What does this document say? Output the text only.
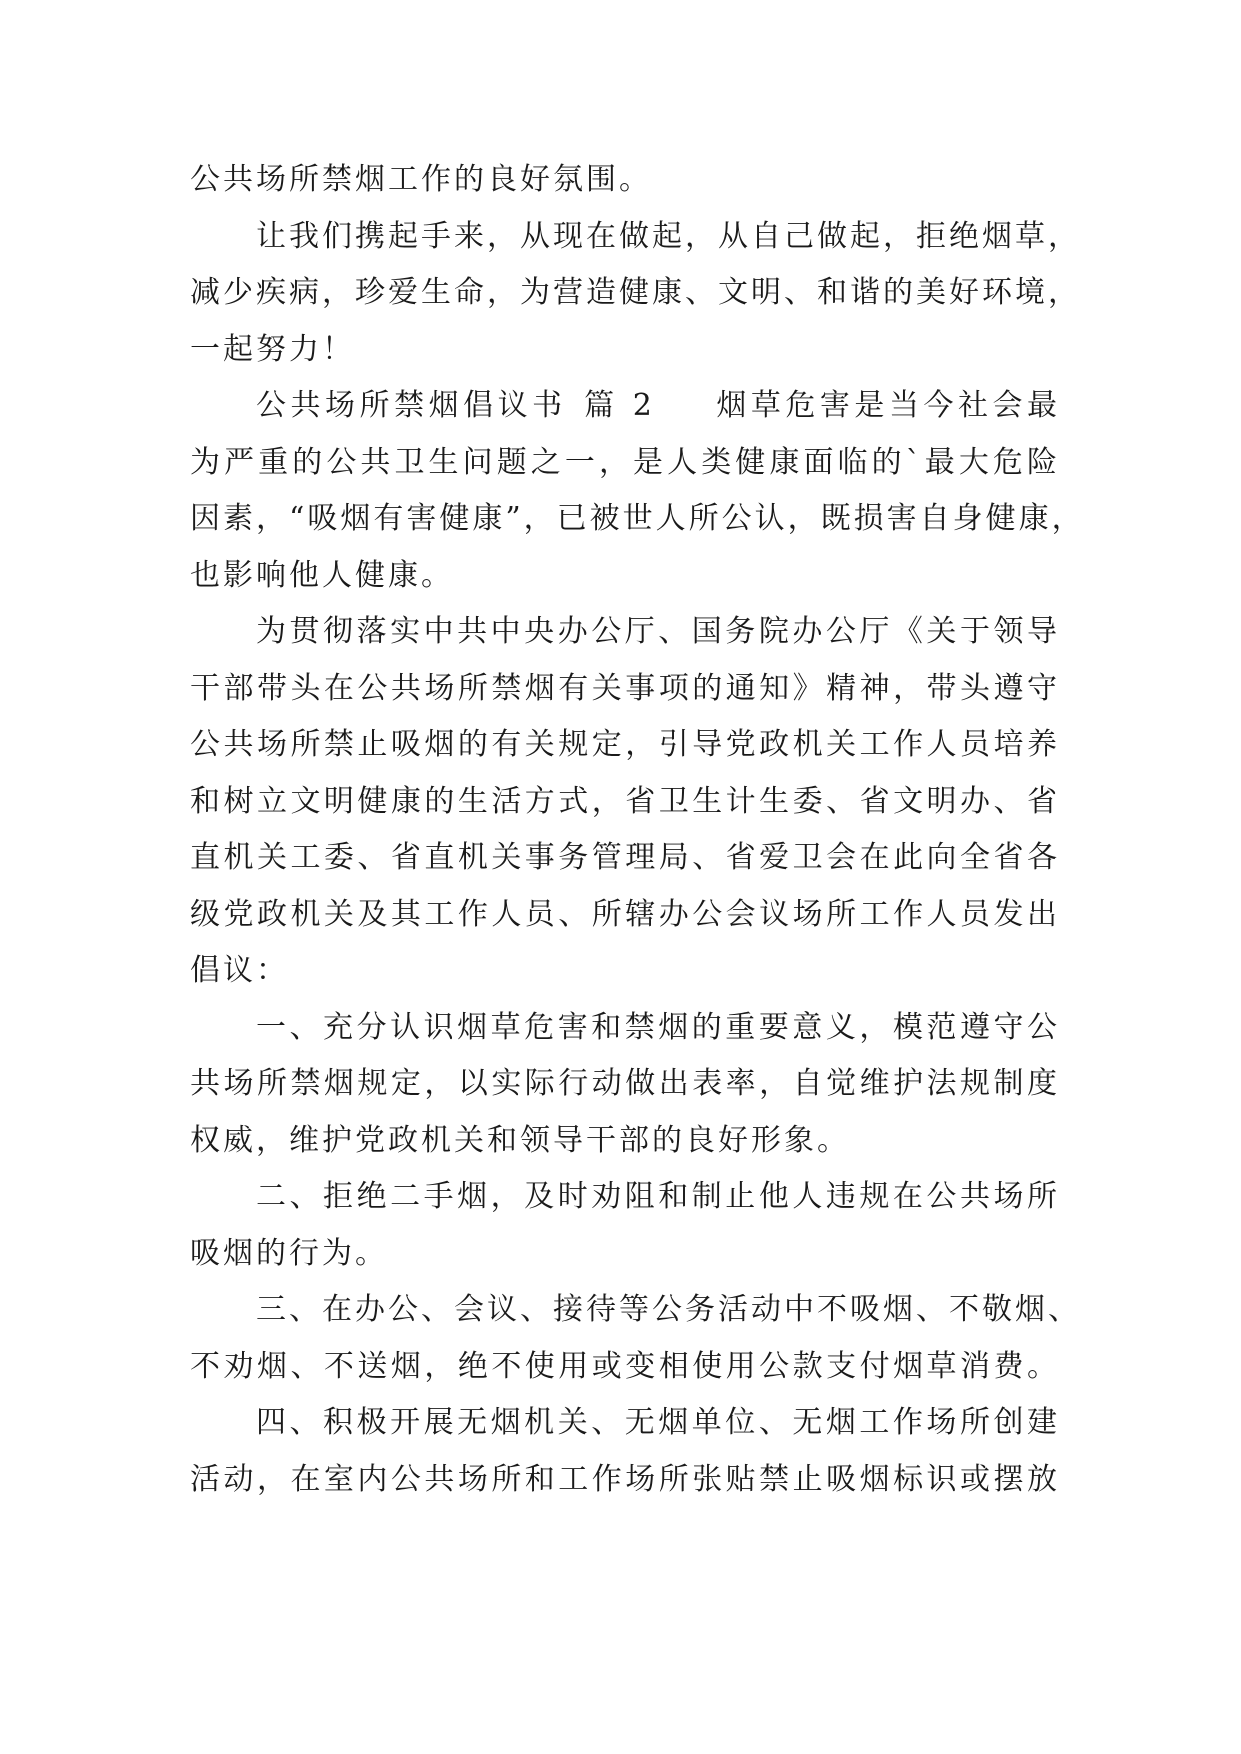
公共场所禁烟工作的良好氛围。
让我们携起手来，从现在做起，从自己做起，拒绝烟草，
减少疾病，珍爱生命，为营造健康、文明、和谐的美好环境，
一起努力！
公共场所禁烟倡议书 篇 2 烟草危害是当今社会最
为严重的公共卫生问题之一，是人类健康面临的`最大危险
因素，“吸烟有害健康”，已被世人所公认，既损害自身健康，
也影响他人健康。
为贯彻落实中共中央办公厅、国务院办公厅《关于领导
干部带头在公共场所禁烟有关事项的通知》精神，带头遵守
公共场所禁止吸烟的有关规定，引导党政机关工作人员培养
和树立文明健康的生活方式，省卫生计生委、省文明办、省
直机关工委、省直机关事务管理局、省爱卫会在此向全省各
级党政机关及其工作人员、所辖办公会议场所工作人员发出
倡议：
一、充分认识烟草危害和禁烟的重要意义，模范遵守公
共场所禁烟规定，以实际行动做出表率，自觉维护法规制度
权威，维护党政机关和领导干部的良好形象。
二、拒绝二手烟，及时劝阻和制止他人违规在公共场所
吸烟的行为。
三、在办公、会议、接待等公务活动中不吸烟、不敬烟、
不劝烟、不送烟，绝不使用或变相使用公款支付烟草消费。
四、积极开展无烟机关、无烟单位、无烟工作场所创建
活动，在室内公共场所和工作场所张贴禁止吸烟标识或摆放
